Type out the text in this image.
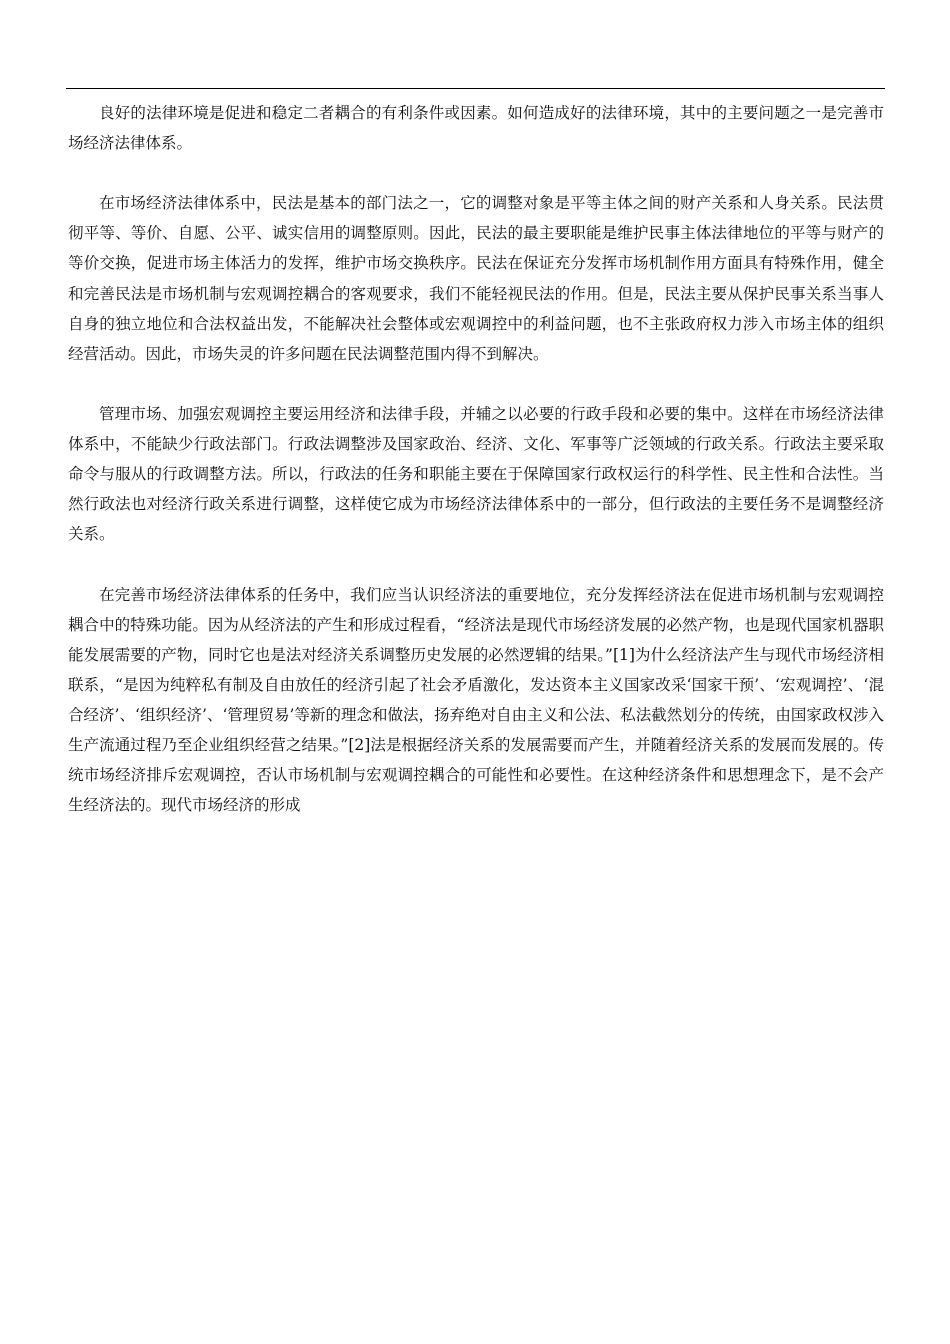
良好的法律环境是促进和稳定二者耦合的有利条件或因素。如何造成好的法律环境，其中的主要问题之一是完善市场经济法律体系。

在市场经济法律体系中，民法是基本的部门法之一，它的调整对象是平等主体之间的财产关系和人身关系。民法贯彻平等、等价、自愿、公平、诚实信用的调整原则。因此，民法的最主要职能是维护民事主体法律地位的平等与财产的等价交换，促进市场主体活力的发挥，维护市场交换秩序。民法在保证充分发挥市场机制作用方面具有特殊作用，健全和完善民法是市场机制与宏观调控耦合的客观要求，我们不能轻视民法的作用。但是，民法主要从保护民事关系当事人自身的独立地位和合法权益出发，不能解决社会整体或宏观调控中的利益问题，也不主张政府权力涉入市场主体的组织经营活动。因此，市场失灵的许多问题在民法调整范围内得不到解决。

管理市场、加强宏观调控主要运用经济和法律手段，并辅之以必要的行政手段和必要的集中。这样在市场经济法律体系中，不能缺少行政法部门。行政法调整涉及国家政治、经济、文化、军事等广泛领域的行政关系。行政法主要采取命令与服从的行政调整方法。所以，行政法的任务和职能主要在于保障国家行政权运行的科学性、民主性和合法性。当然行政法也对经济行政关系进行调整，这样使它成为市场经济法律体系中的一部分，但行政法的主要任务不是调整经济关系。

在完善市场经济法律体系的任务中，我们应当认识经济法的重要地位，充分发挥经济法在促进市场机制与宏观调控耦合中的特殊功能。因为从经济法的产生和形成过程看，“经济法是现代市场经济发展的必然产物，也是现代国家机器职能发展需要的产物，同时它也是法对经济关系调整历史发展的必然逻辑的结果。”[1]为什么经济法产生与现代市场经济相联系，“是因为纯粹私有制及自由放任的经济引起了社会矛盾激化，发达资本主义国家改采‘国家干预’、‘宏观调控’、‘混合经济’、‘组织经济’、‘管理贸易’等新的理念和做法，扬弃绝对自由主义和公法、私法截然划分的传统，由国家政权涉入生产流通过程乃至企业组织经营之结果。”[2]法是根据经济关系的发展需要而产生，并随着经济关系的发展而发展的。传统市场经济排斥宏观调控，否认市场机制与宏观调控耦合的可能性和必要性。在这种经济条件和思想理念下，是不会产生经济法的。现代市场经济的形成
